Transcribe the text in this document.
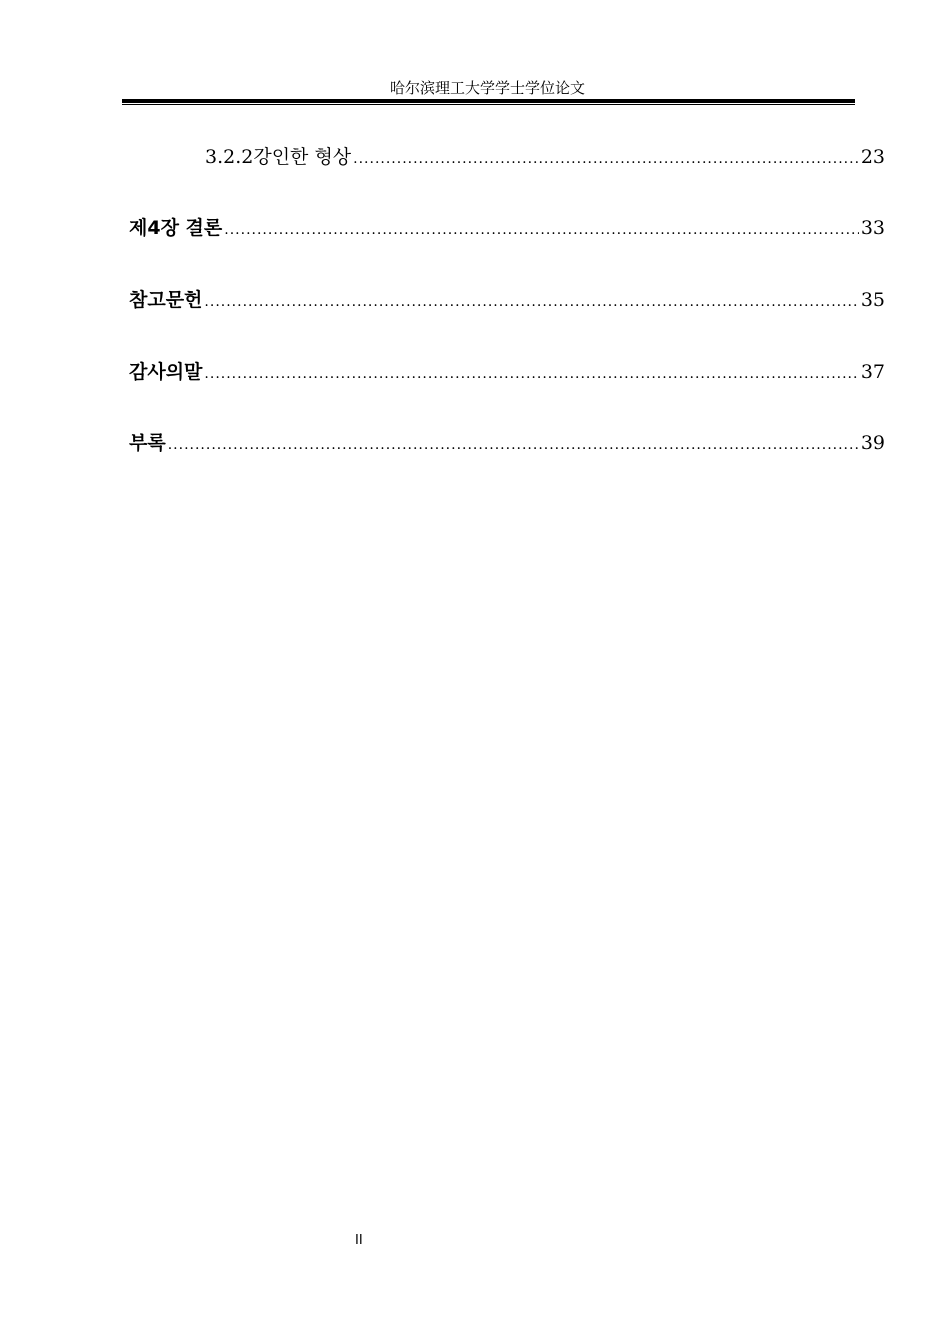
哈尔滨理工大学学士学位论文
3.2.2강인한 형상 .....	23
제4장 결론 .....	33
참고문헌 .....	35
감사의말 .....	37
부록 .....	39
II
